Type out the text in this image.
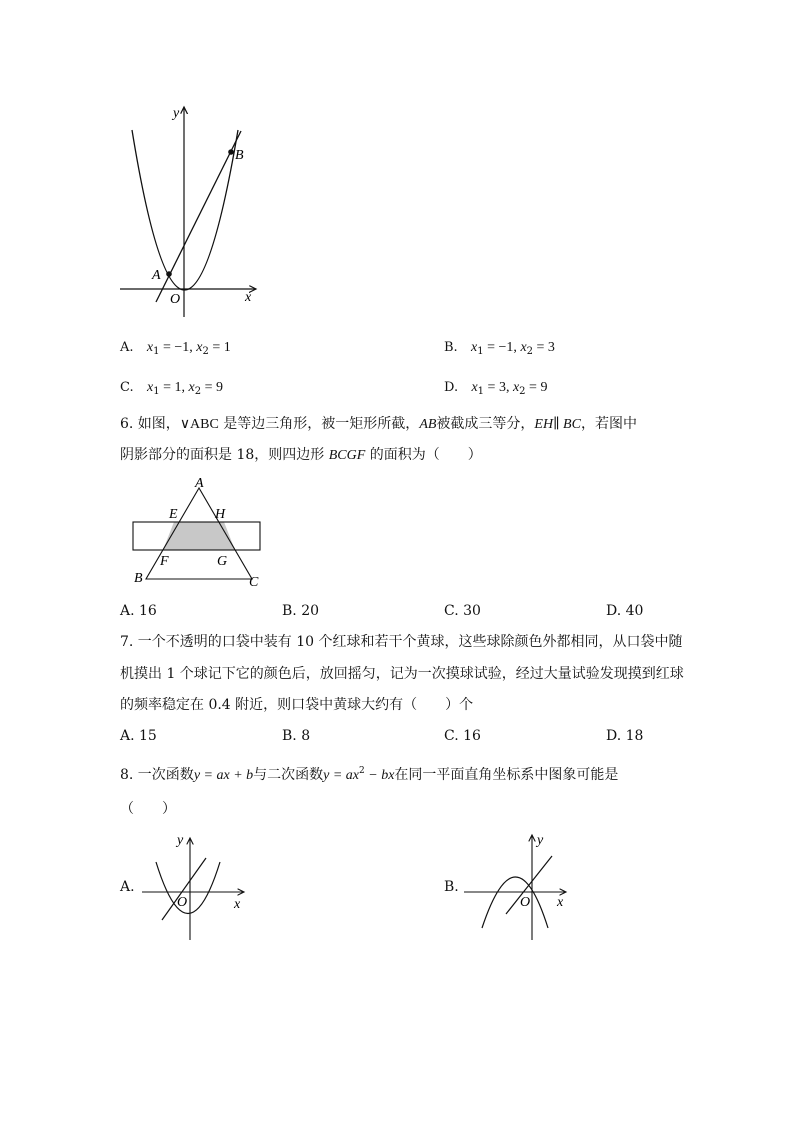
y
x
O
A
B
A. $x_1 = -1$, $x_2 = 1$	B. $x_1 = -1$, $x_2 = 3$
C. $x_1 = 1$, $x_2 = 9$	D. $x_1 = 3$, $x_2 = 9$
6. 如图，∨ABC 是等边三角形，被一矩形所截，AB被截成三等分，EH∥ BC，若图中
阴影部分的面积是 18，则四边形 BCGF 的面积为（　　）
A
E	H
F	G
B	C
A. 16	B. 20	C. 30	D. 40
7. 一个不透明的口袋中装有 10 个红球和若干个黄球，这些球除颜色外都相同，从口袋中随
机摸出 1 个球记下它的颜色后，放回摇匀，记为一次摸球试验，经过大量试验发现摸到红球
的频率稳定在 0.4 附近，则口袋中黄球大约有（　　）个
A. 15	B. 8	C. 16	D. 18
8. 一次函数y = ax + b与二次函数$y = ax^2$ − bx在同一平面直角坐标系中图象可能是
（　　）
A.	B.
y
x
O
y
x
O
